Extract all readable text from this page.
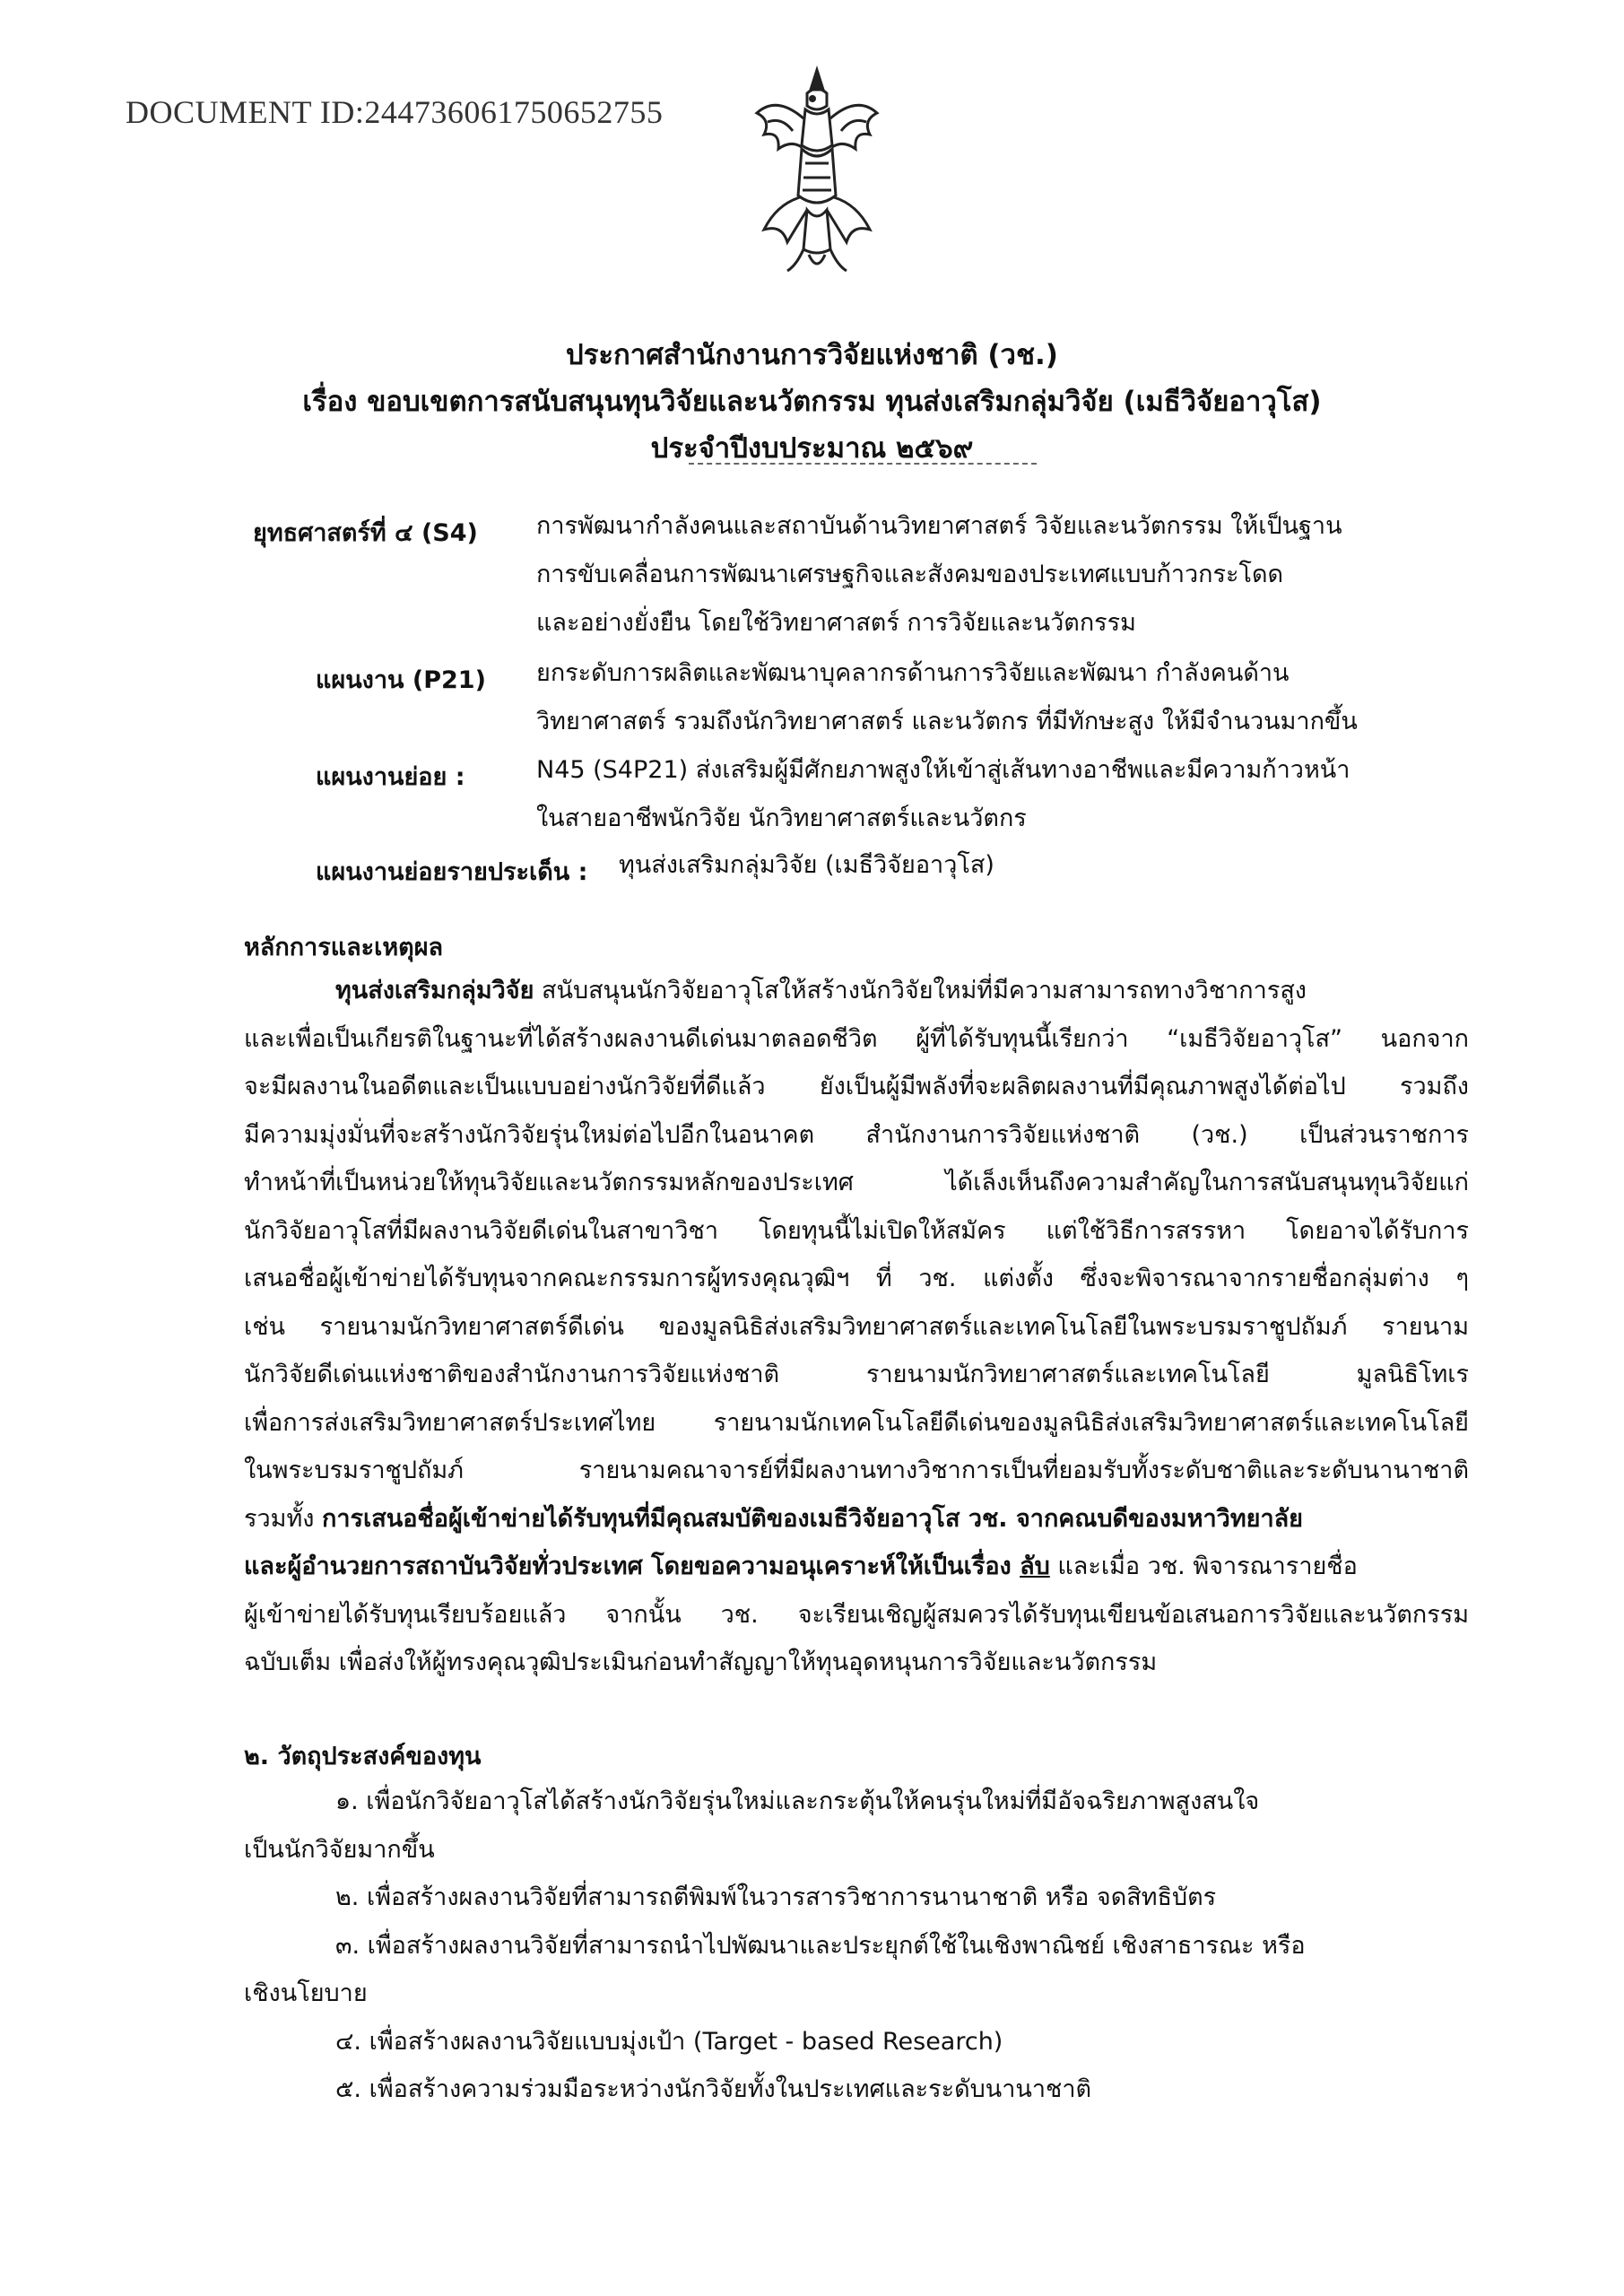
DOCUMENT ID:244736061750652755
ประกาศสำนักงานการวิจัยแห่งชาติ (วช.)
เรื่อง ขอบเขตการสนับสนุนทุนวิจัยและนวัตกรรม ทุนส่งเสริมกลุ่มวิจัย (เมธีวิจัยอาวุโส)
ประจำปีงบประมาณ ๒๕๖๙
ยุทธศาสตร์ที่ ๔ (S4) การพัฒนากำลังคนและสถาบันด้านวิทยาศาสตร์ วิจัยและนวัตกรรม ให้เป็นฐาน
การขับเคลื่อนการพัฒนาเศรษฐกิจและสังคมของประเทศแบบก้าวกระโดด
และอย่างยั่งยืน โดยใช้วิทยาศาสตร์ การวิจัยและนวัตกรรม
แผนงาน (P21) ยกระดับการผลิตและพัฒนาบุคลากรด้านการวิจัยและพัฒนา กำลังคนด้าน
วิทยาศาสตร์ รวมถึงนักวิทยาศาสตร์ และนวัตกร ที่มีทักษะสูง ให้มีจำนวนมากขึ้น
แผนงานย่อย :	N45 (S4P21) ส่งเสริมผู้มีศักยภาพสูงให้เข้าสู่เส้นทางอาชีพและมีความก้าวหน้า
ในสายอาชีพนักวิจัย นักวิทยาศาสตร์และนวัตกร
แผนงานย่อยรายประเด็น : ทุนส่งเสริมกลุ่มวิจัย (เมธีวิจัยอาวุโส)
หลักการและเหตุผล
ทุนส่งเสริมกลุ่มวิจัย สนับสนุนนักวิจัยอาวุโสให้สร้างนักวิจัยใหม่ที่มีความสามารถทางวิชาการสูง
และเพื่อเป็นเกียรติในฐานะที่ได้สร้างผลงานดีเด่นมาตลอดชีวิต ผู้ที่ได้รับทุนนี้เรียกว่า “เมธีวิจัยอาวุโส” นอกจาก
จะมีผลงานในอดีตและเป็นแบบอย่างนักวิจัยที่ดีแล้ว ยังเป็นผู้มีพลังที่จะผลิตผลงานที่มีคุณภาพสูงได้ต่อไป รวมถึง
มีความมุ่งมั่นที่จะสร้างนักวิจัยรุ่นใหม่ต่อไปอีกในอนาคต สำนักงานการวิจัยแห่งชาติ (วช.) เป็นส่วนราชการ
ทำหน้าที่เป็นหน่วยให้ทุนวิจัยและนวัตกรรมหลักของประเทศ ได้เล็งเห็นถึงความสำคัญในการสนับสนุนทุนวิจัยแก่
นักวิจัยอาวุโสที่มีผลงานวิจัยดีเด่นในสาขาวิชา โดยทุนนี้ไม่เปิดให้สมัคร แต่ใช้วิธีการสรรหา โดยอาจได้รับการ
เสนอชื่อผู้เข้าข่ายได้รับทุนจากคณะกรรมการผู้ทรงคุณวุฒิฯ ที่ วช. แต่งตั้ง ซึ่งจะพิจารณาจากรายชื่อกลุ่มต่าง ๆ
เช่น รายนามนักวิทยาศาสตร์ดีเด่น ของมูลนิธิส่งเสริมวิทยาศาสตร์และเทคโนโลยีในพระบรมราชูปถัมภ์ รายนาม
นักวิจัยดีเด่นแห่งชาติของสำนักงานการวิจัยแห่งชาติ รายนามนักวิทยาศาสตร์และเทคโนโลยี มูลนิธิโทเร
เพื่อการส่งเสริมวิทยาศาสตร์ประเทศไทย รายนามนักเทคโนโลยีดีเด่นของมูลนิธิส่งเสริมวิทยาศาสตร์และเทคโนโลยี
ในพระบรมราชูปถัมภ์ รายนามคณาจารย์ที่มีผลงานทางวิชาการเป็นที่ยอมรับทั้งระดับชาติและระดับนานาชาติ
รวมทั้ง การเสนอชื่อผู้เข้าข่ายได้รับทุนที่มีคุณสมบัติของเมธีวิจัยอาวุโส วช. จากคณบดีของมหาวิทยาลัย
และผู้อำนวยการสถาบันวิจัยทั่วประเทศ โดยขอความอนุเคราะห์ให้เป็นเรื่อง ลับ และเมื่อ วช. พิจารณารายชื่อ
ผู้เข้าข่ายได้รับทุนเรียบร้อยแล้ว จากนั้น วช. จะเรียนเชิญผู้สมควรได้รับทุนเขียนข้อเสนอการวิจัยและนวัตกรรม
ฉบับเต็ม เพื่อส่งให้ผู้ทรงคุณวุฒิประเมินก่อนทำสัญญาให้ทุนอุดหนุนการวิจัยและนวัตกรรม
๒. วัตถุประสงค์ของทุน
๑. เพื่อนักวิจัยอาวุโสได้สร้างนักวิจัยรุ่นใหม่และกระตุ้นให้คนรุ่นใหม่ที่มีอัจฉริยภาพสูงสนใจ
เป็นนักวิจัยมากขึ้น
๒. เพื่อสร้างผลงานวิจัยที่สามารถตีพิมพ์ในวารสารวิชาการนานาชาติ หรือ จดสิทธิบัตร
๓. เพื่อสร้างผลงานวิจัยที่สามารถนำไปพัฒนาและประยุกต์ใช้ในเชิงพาณิชย์ เชิงสาธารณะ หรือ
เชิงนโยบาย
๔. เพื่อสร้างผลงานวิจัยแบบมุ่งเป้า (Target - based Research)
๕. เพื่อสร้างความร่วมมือระหว่างนักวิจัยทั้งในประเทศและระดับนานาชาติ
